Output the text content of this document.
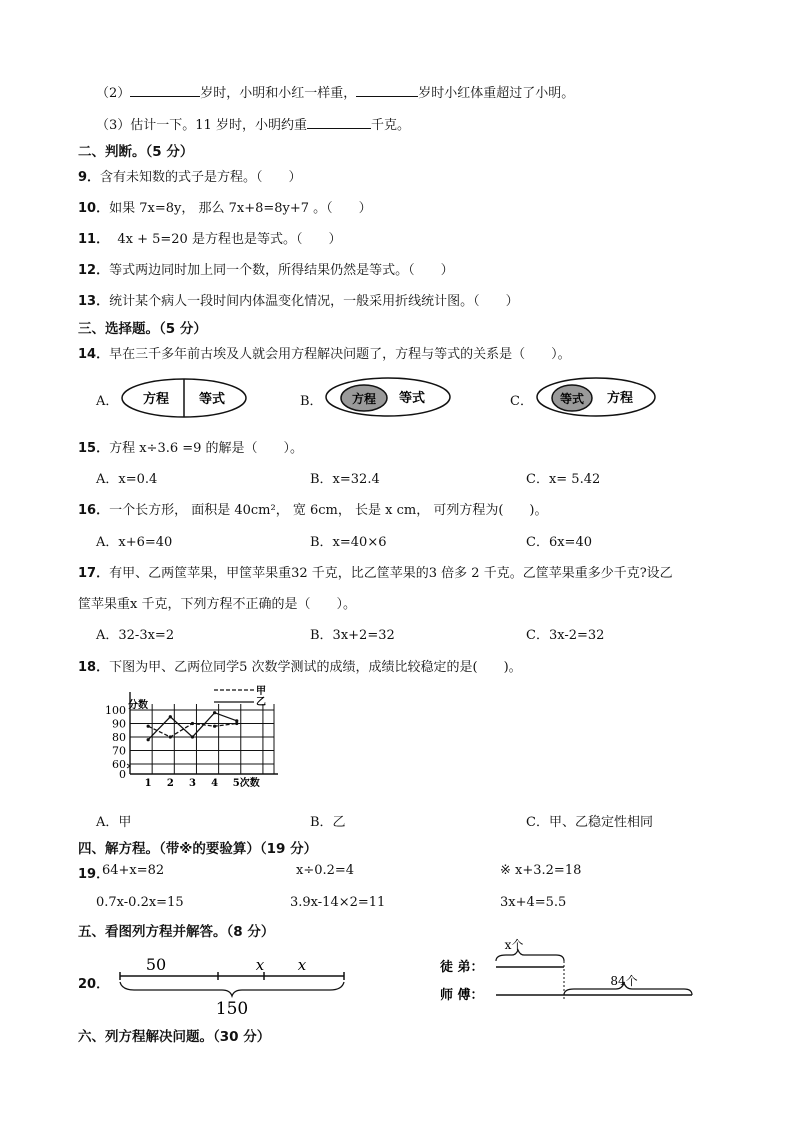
（2）	岁时，小明和小红一样重，	岁时小红体重超过了小明。
（3）估计一下。11 岁时，小明约重	千克。
二、判断。（5 分）
9．含有未知数的式子是方程。（　　）
10．如果 7x=8y， 那么 7x+8=8y+7 。（　　）
11． 4x + 5=20 是方程也是等式。（　　）
12．等式两边同时加上同一个数，所得结果仍然是等式。（　　）
13．统计某个病人一段时间内体温变化情况，一般采用折线统计图。（　　）
三、选择题。（5 分）
14．早在三千多年前古埃及人就会用方程解决问题了，方程与等式的关系是（　　）。
A． 方程 等式	B． 方程 等式	C． 等式 方程
15．方程 x÷3.6 =9 的解是（　　）。
A．x=0.4	B．x=32.4	C．x= 5.42
16．一个长方形， 面积是 40cm²， 宽 6cm， 长是 x cm， 可列方程为(　　)。
A．x+6=40	B．x=40×6	C．6x=40
17．有甲、乙两筐苹果，甲筐苹果重32 千克，比乙筐苹果的3 倍多 2 千克。乙筐苹果重多少千克?设乙
筐苹果重x 千克，下列方程不正确的是（　　）。
A．32-3x=2	B．3x+2=32	C．3x-2=32
18．下图为甲、乙两位同学5 次数学测试的成绩，成绩比较稳定的是(　　)。
0
60
70
80
90
100
1 2 3 4 5次数
甲
乙
分数
A．甲	B．乙	C．甲、乙稳定性相同
四、解方程。（带※的要验算）（19 分）
19．
64+x=82	x÷0.2=4	※ x+3.2=18
0.7x-0.2x=15	3.9x-14×2=11	3x+4=5.5
五、看图列方程并解答。（8 分）
20．
50	x x
150
x个
徒 弟：
84个
师 傅：
六、列方程解决问题。（30 分）
